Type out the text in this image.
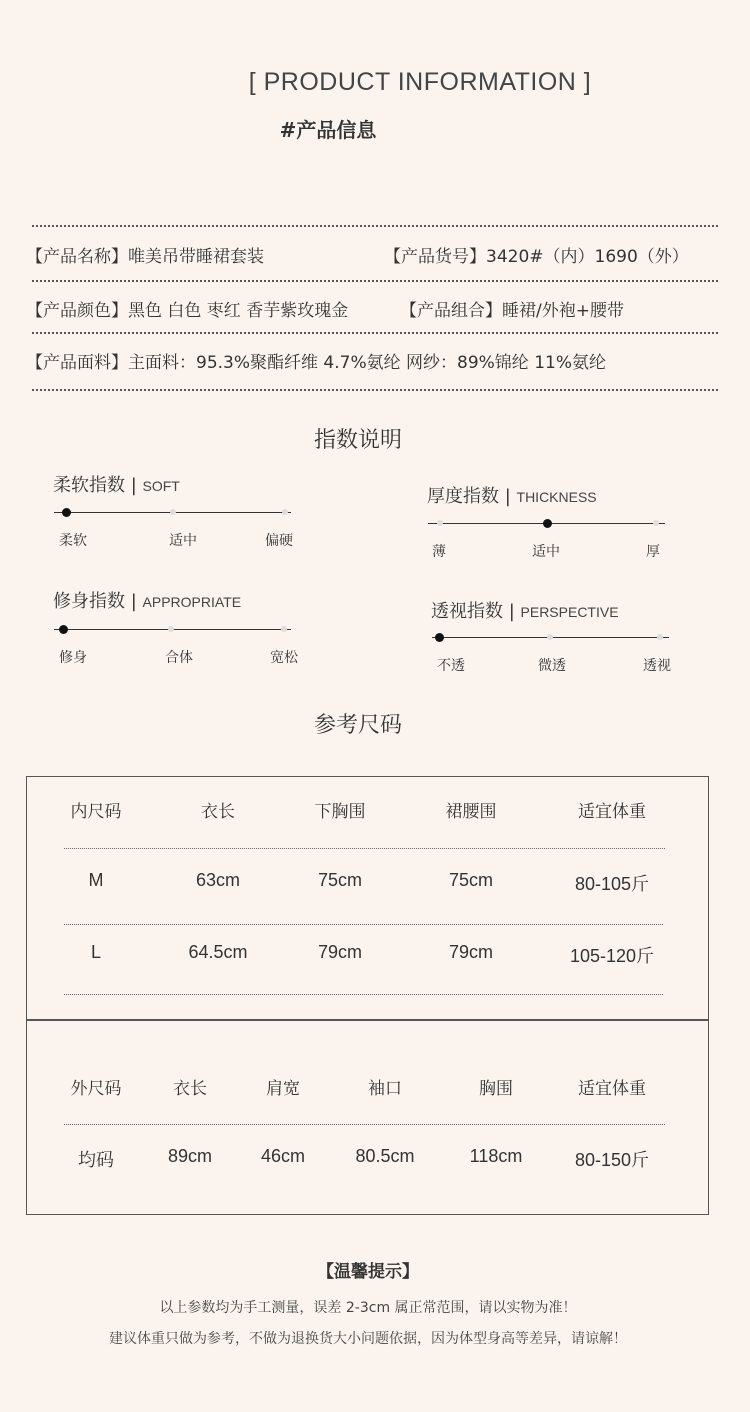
[ PRODUCT INFORMATION ]
#产品信息
【产品名称】唯美吊带睡裙套装	【产品货号】3420#（内）1690（外）
【产品颜色】黑色 白色 枣红 香芋紫玫瑰金	【产品组合】睡裙/外袍+腰带
【产品面料】主面料：95.3%聚酯纤维 4.7%氨纶 网纱：89%锦纶 11%氨纶
指数说明
柔软指数 | SOFT
柔软	适中	偏硬
厚度指数 | THICKNESS
薄	适中	厚
修身指数 | APPROPRIATE
修身	合体	宽松
透视指数 | PERSPECTIVE
不透	微透	透视
参考尺码
内尺码	衣长	下胸围	裙腰围	适宜体重
M	63cm	75cm	75cm	80-105斤
L	64.5cm	79cm	79cm	105-120斤
外尺码	衣长	肩宽	袖口	胸围	适宜体重
均码	89cm	46cm	80.5cm	118cm	80-150斤
【温馨提示】
以上参数均为手工测量，误差 2-3cm 属正常范围，请以实物为准！
建议体重只做为参考，不做为退换货大小问题依据，因为体型身高等差异，请谅解！
